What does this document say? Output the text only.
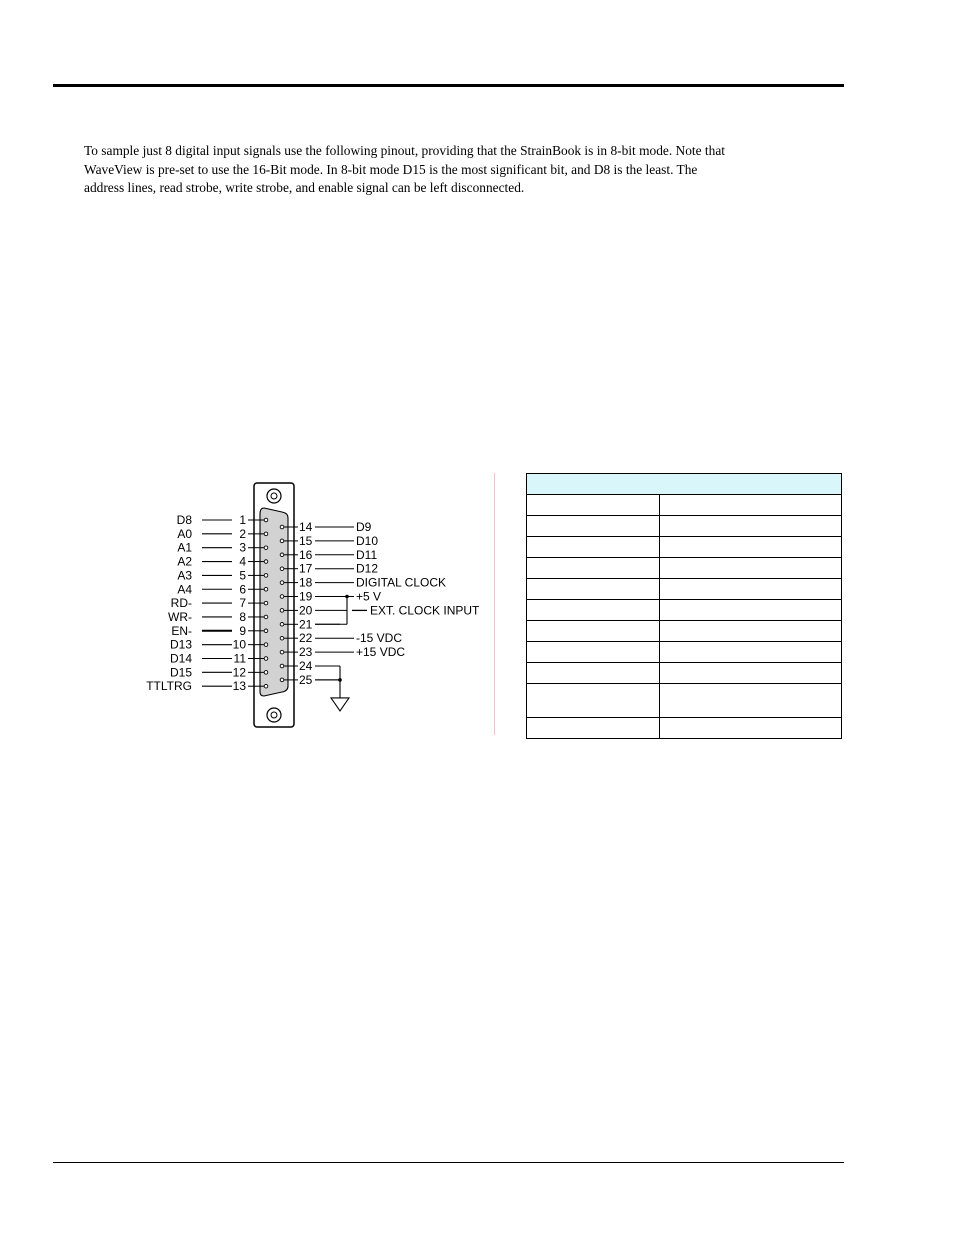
To sample just 8 digital input signals use the following pinout, providing that the StrainBook is in 8-bit mode. Note that
WaveView is pre-set to use the 16-Bit mode. In 8-bit mode D15 is the most significant bit, and D8 is the least. The
address lines, read strobe, write strobe, and enable signal can be left disconnected.
D8	1
A0	2
A1	3
A2	4
A3	5
A4	6
RD-	7
WR-	8
EN-	9
D13	10
D14	11
D15	12
TTLTRG	13
14	D9
15	D10
16	D11
17	D12
18	DIGITAL CLOCK
19	+5 V
20	EXT. CLOCK INPUT
21
22	-15 VDC
23	+15 VDC
24
25
